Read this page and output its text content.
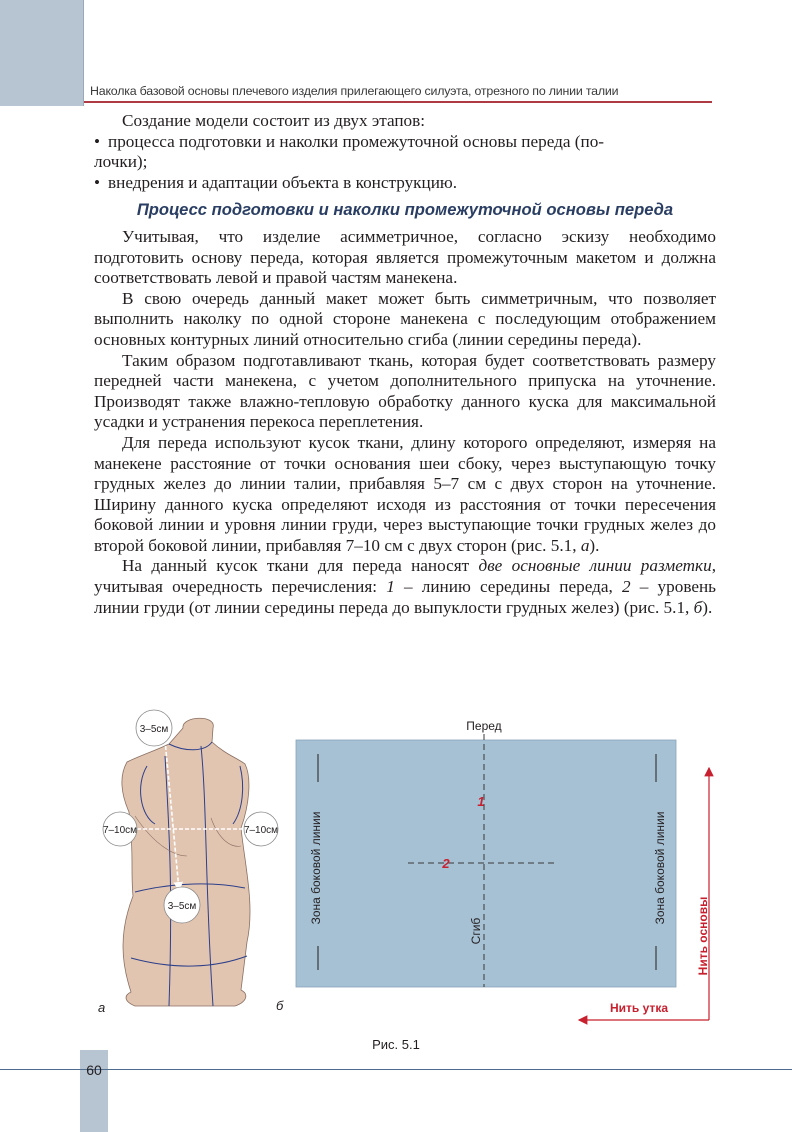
Наколка базовой основы плечевого изделия прилегающего силуэта, отрезного по линии талии

Создание модели состоит из двух этапов:

• процесса подготовки и наколки промежуточной основы переда (по-

лочки);

• внедрения и адаптации объекта в конструкцию.

Процесс подготовки и наколки промежуточной основы переда

Учитывая, что изделие асимметричное, согласно эскизу необходимо подготовить основу переда, которая является промежуточным макетом и должна соответствовать левой и правой частям манекена.

В свою очередь данный макет может быть симметричным, что позволяет выполнить наколку по одной стороне манекена с последующим отображением основных контурных линий относительно сгиба (линии середины переда).

Таким образом подготавливают ткань, которая будет соответствовать размеру передней части манекена, с учетом дополнительного припуска на уточнение. Производят также влажно-тепловую обработку данного куска для максимальной усадки и устранения перекоса переплетения.

Для переда используют кусок ткани, длину которого определяют, измеряя на манекене расстояние от точки основания шеи сбоку, через выступающую точку грудных желез до линии талии, прибавляя 5–7 см с двух сторон на уточнение. Ширину данного куска определяют исходя из расстояния от точки пересечения боковой линии и уровня линии груди, через выступающие точки грудных желез до второй боковой линии, прибавляя 7–10 см с двух сторон (рис. 5.1, а).

На данный кусок ткани для переда наносят две основные линии разметки, учитывая очередность перечисления: 1 – линию середины переда, 2 – уровень линии груди (от линии середины переда до выпуклости грудных желез) (рис. 5.1, б).

3–5см
7–10см	7–10см
3–5см
а	б
Перед
1
2
Зона боковой линии	Зона боковой линии
Сгиб	Нить основы
Нить утка
Рис. 5.1
60
